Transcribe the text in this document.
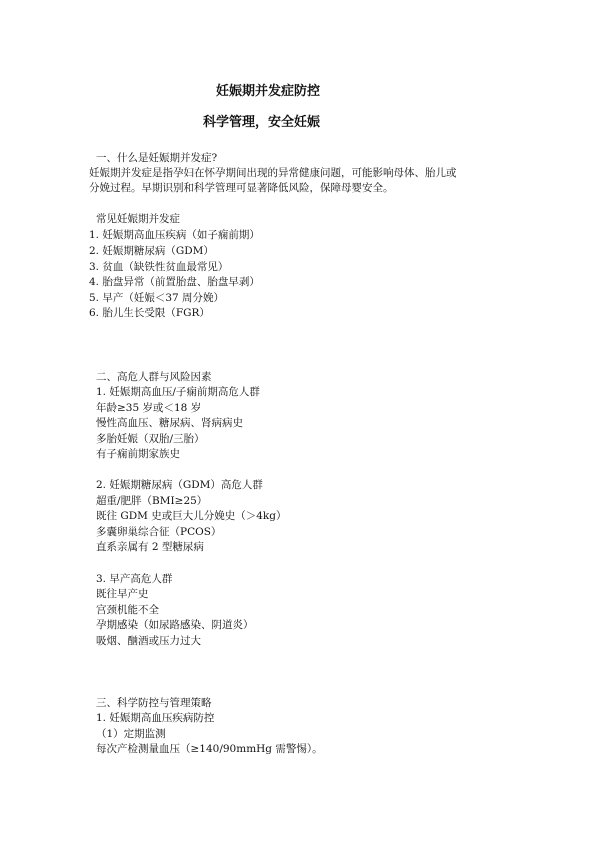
妊娠期并发症防控
科学管理，安全妊娠
一、什么是妊娠期并发症?
妊娠期并发症是指孕妇在怀孕期间出现的异常健康问题，可能影响母体、胎儿或
分娩过程。早期识别和科学管理可显著降低风险，保障母婴安全。
常见妊娠期并发症
1. 妊娠期高血压疾病（如子痫前期）
2. 妊娠期糖尿病（GDM）
3. 贫血（缺铁性贫血最常见）
4. 胎盘异常（前置胎盘、胎盘早剥）
5. 早产（妊娠＜37 周分娩）
6. 胎儿生长受限（FGR）
二、高危人群与风险因素
1. 妊娠期高血压/子痫前期高危人群
年龄≥35 岁或＜18 岁
慢性高血压、糖尿病、肾病病史
多胎妊娠（双胎/三胎）
有子痫前期家族史
2. 妊娠期糖尿病（GDM）高危人群
超重/肥胖（BMI≥25）
既往 GDM 史或巨大儿分娩史（＞4kg）
多囊卵巢综合征（PCOS）
直系亲属有 2 型糖尿病
3. 早产高危人群
既往早产史
宫颈机能不全
孕期感染（如尿路感染、阴道炎）
吸烟、酗酒或压力过大
三、科学防控与管理策略
1. 妊娠期高血压疾病防控
（1）定期监测
每次产检测量血压（≥140/90mmHg 需警惕）。
